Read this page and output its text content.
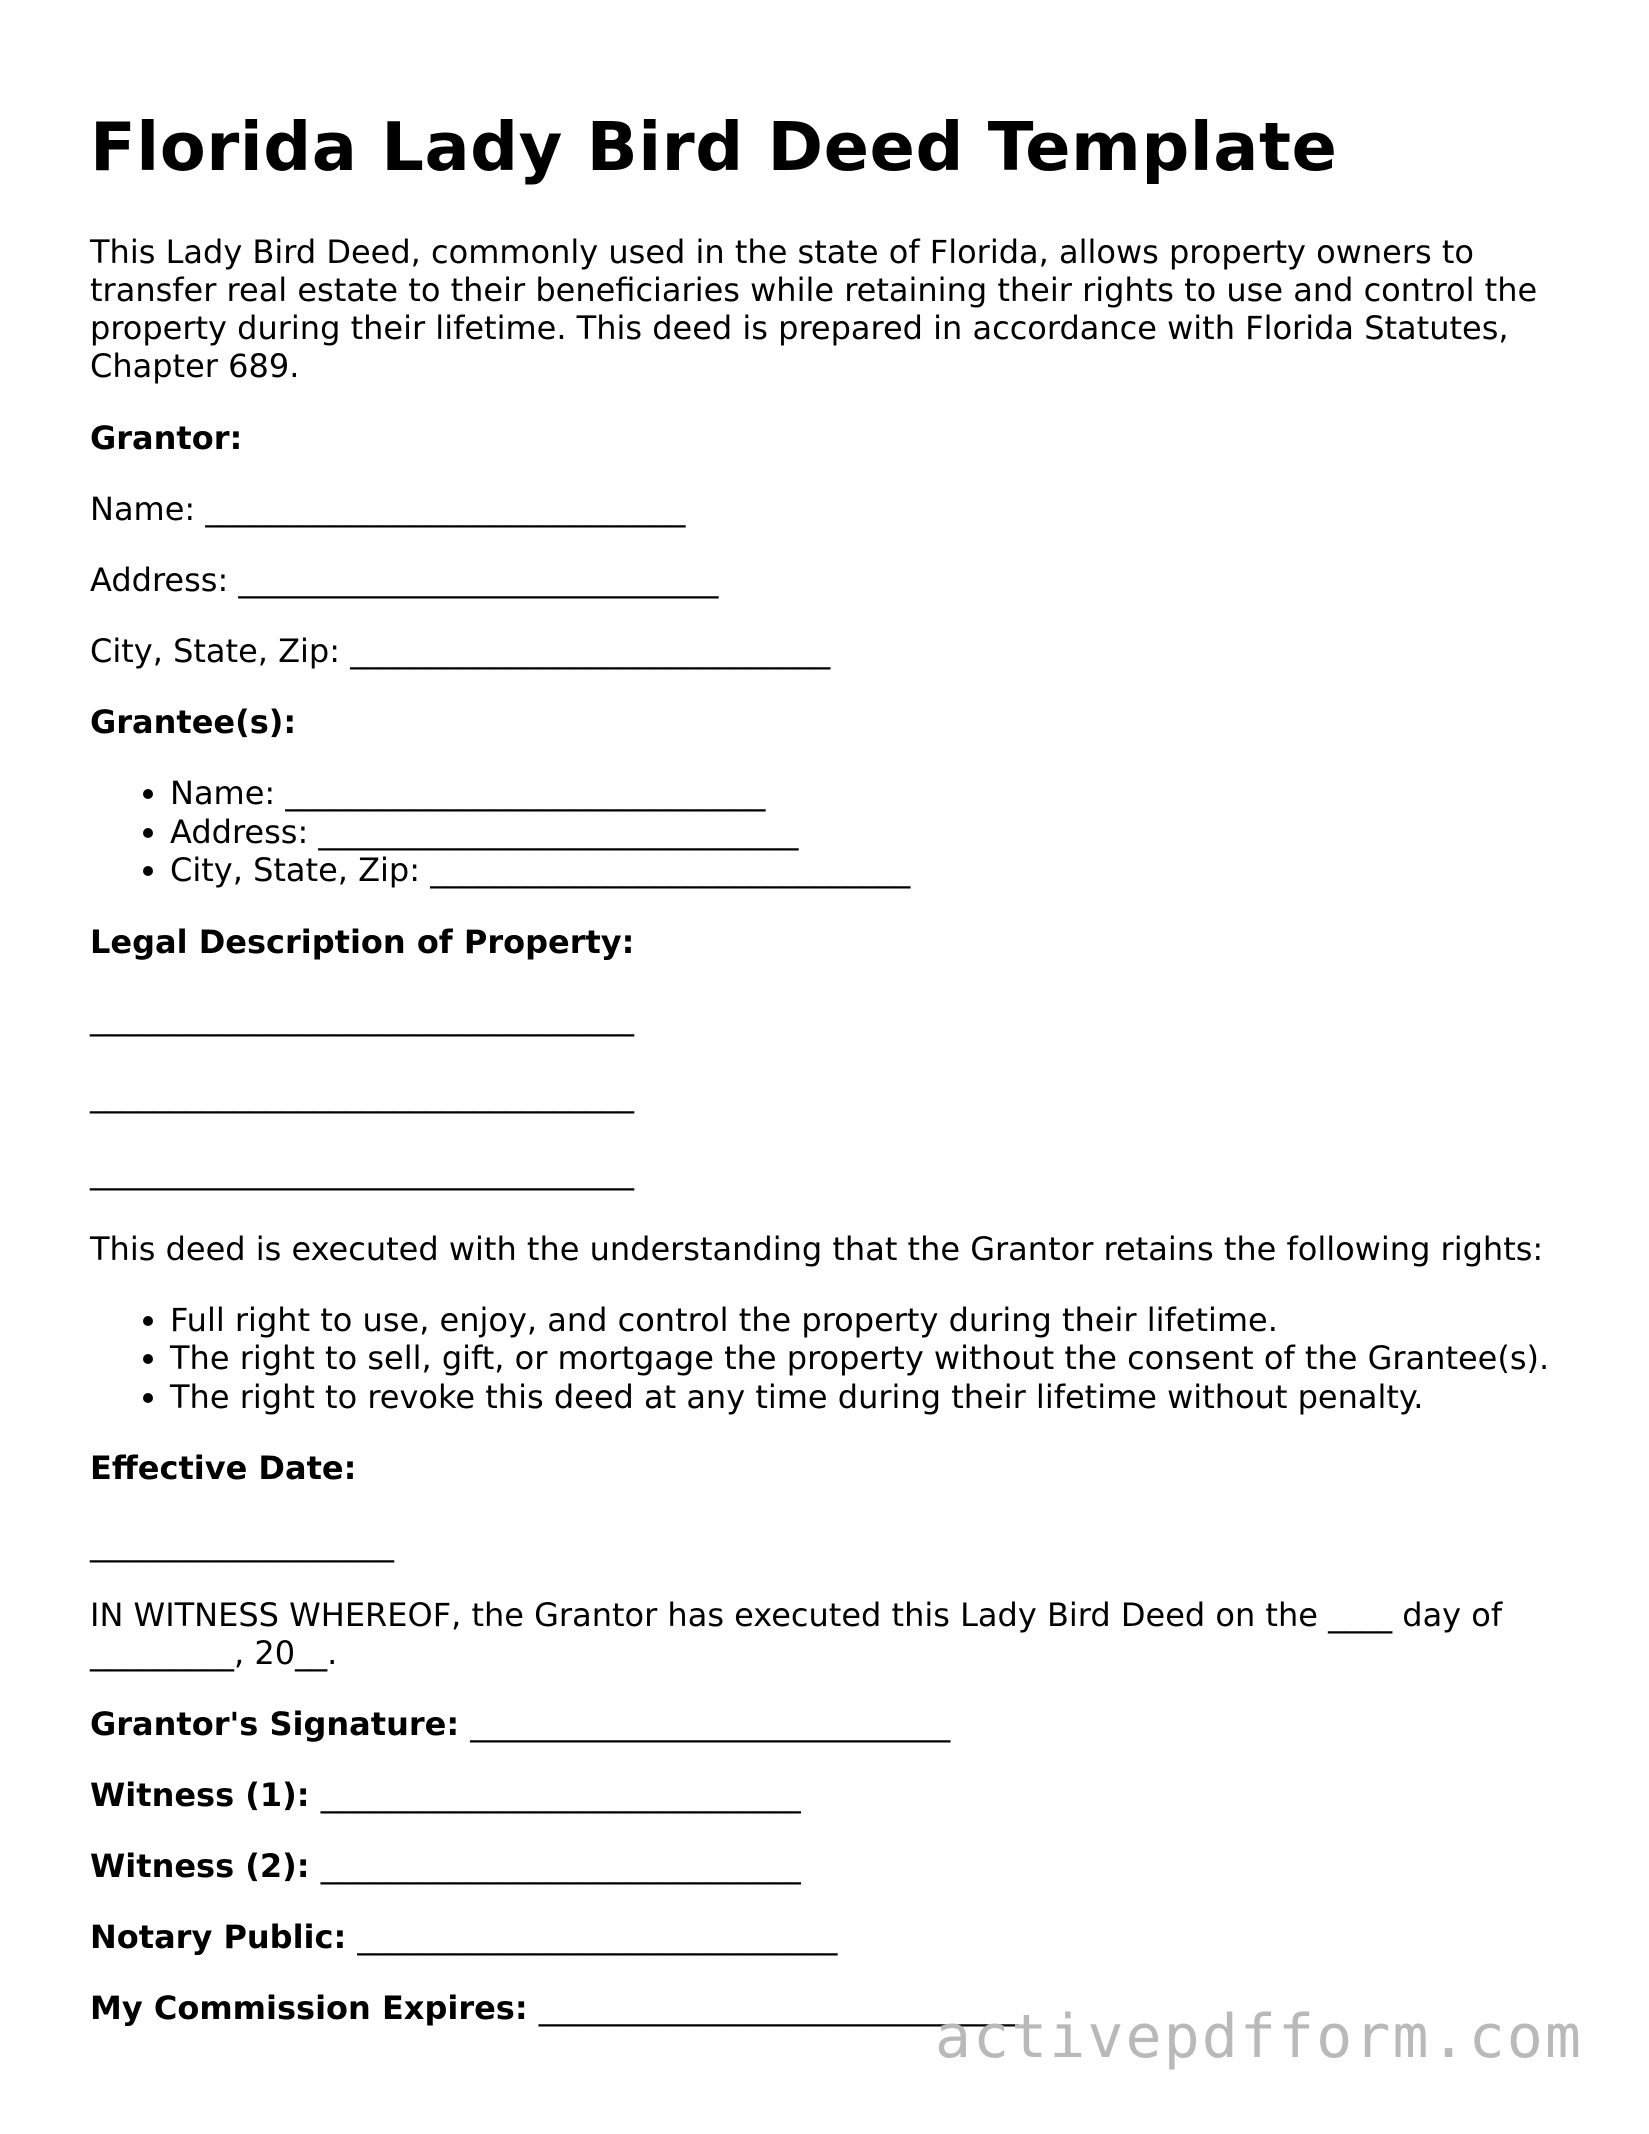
Florida Lady Bird Deed Template

This Lady Bird Deed, commonly used in the state of Florida, allows property owners to transfer real estate to their beneficiaries while retaining their rights to use and control the property during their lifetime. This deed is prepared in accordance with Florida Statutes, Chapter 689.

Grantor:

Name: ______________________________

Address: ______________________________

City, State, Zip: ______________________________

Grantee(s):
• Name: ______________________________
• Address: ______________________________
• City, State, Zip: ______________________________
Legal Description of Property:

__________________________________

__________________________________

__________________________________

This deed is executed with the understanding that the Grantor retains the following rights:

• Full right to use, enjoy, and control the property during their lifetime.
• The right to sell, gift, or mortgage the property without the consent of the Grantee(s).
• The right to revoke this deed at any time during their lifetime without penalty.
Effective Date:

___________________

IN WITNESS WHEREOF, the Grantor has executed this Lady Bird Deed on the ____ day of _________, 20__.

Grantor's Signature: ______________________________

Witness (1): ______________________________

Witness (2): ______________________________

Notary Public: ______________________________

My Commission Expires: ______________________________

activepdfform.com
